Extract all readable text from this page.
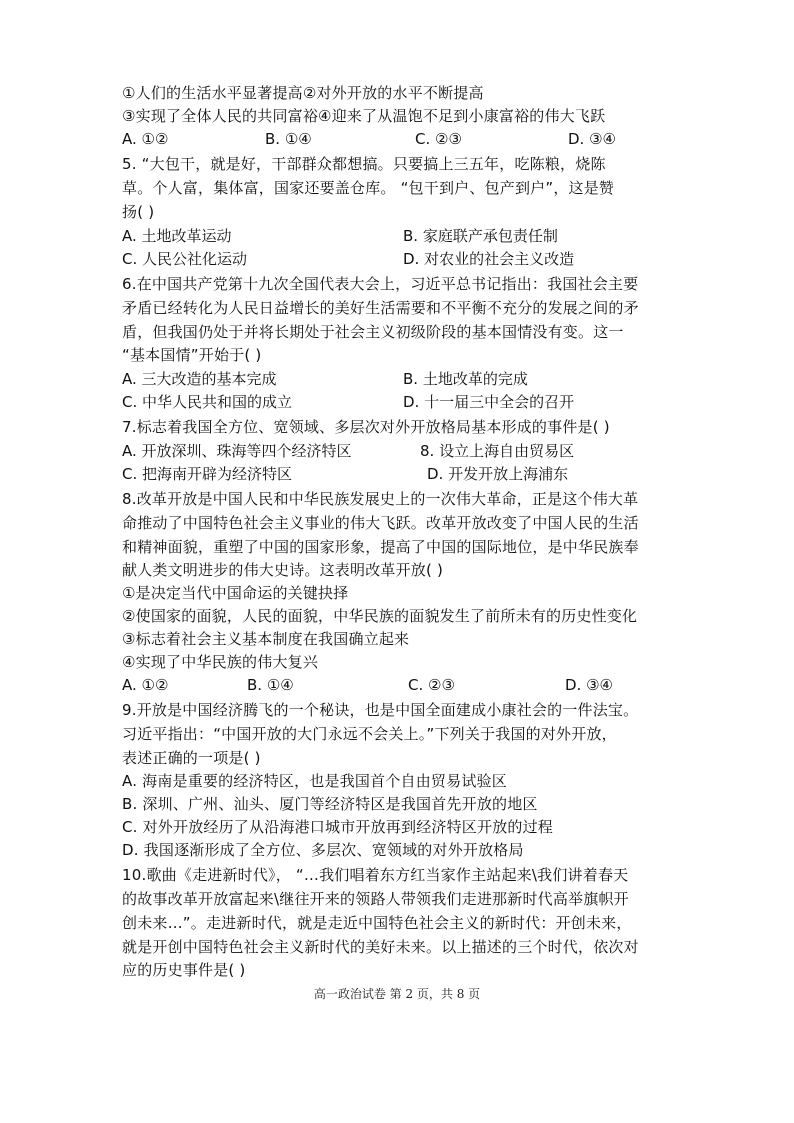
①人们的生活水平显著提高②对外开放的水平不断提高
③实现了全体人民的共同富裕④迎来了从温饱不足到小康富裕的伟大飞跃
A. ①②	B. ①④	C. ②③	D. ③④
5. “大包干，就是好，干部群众都想搞。只要搞上三五年，吃陈粮，烧陈
草。个人富，集体富，国家还要盖仓库。 “包干到户、包产到户”，这是赞
扬( )
A. 土地改革运动	B. 家庭联产承包责任制
C. 人民公社化运动	D. 对农业的社会主义改造
6.在中国共产党第十九次全国代表大会上，习近平总书记指出：我国社会主要
矛盾已经转化为人民日益增长的美好生活需要和不平衡不充分的发展之间的矛
盾，但我国仍处于并将长期处于社会主义初级阶段的基本国情没有变。这一
“基本国情”开始于( )
A. 三大改造的基本完成	B. 土地改革的完成
C. 中华人民共和国的成立	D. 十一届三中全会的召开
7.标志着我国全方位、宽领域、多层次对外开放格局基本形成的事件是( )
A. 开放深圳、珠海等四个经济特区	8. 设立上海自由贸易区
C. 把海南开辟为经济特区	D. 开发开放上海浦东
8.改革开放是中国人民和中华民族发展史上的一次伟大革命，正是这个伟大革
命推动了中国特色社会主义事业的伟大飞跃。改革开放改变了中国人民的生活
和精神面貌，重塑了中国的国家形象，提高了中国的国际地位，是中华民族奉
献人类文明进步的伟大史诗。这表明改革开放( )
①是决定当代中国命运的关键抉择
②使国家的面貌，人民的面貌，中华民族的面貌发生了前所未有的历史性变化
③标志着社会主义基本制度在我国确立起来
④实现了中华民族的伟大复兴
A. ①②	B. ①④	C. ②③	D. ③④
9.开放是中国经济腾飞的一个秘诀，也是中国全面建成小康社会的一件法宝。
习近平指出：“中国开放的大门永远不会关上。”下列关于我国的对外开放，
表述正确的一项是( )
A. 海南是重要的经济特区，也是我国首个自由贸易试验区
B. 深圳、广州、汕头、厦门等经济特区是我国首先开放的地区
C. 对外开放经历了从沿海港口城市开放再到经济特区开放的过程
D. 我国逐渐形成了全方位、多层次、宽领域的对外开放格局
10.歌曲《走进新时代》， “…我们唱着东方红当家作主站起来\我们讲着春天
的故事改革开放富起来\继往开来的领路人带领我们走进那新时代高举旗帜开
创未来…”。走进新时代，就是走近中国特色社会主义的新时代：开创未来，
就是开创中国特色社会主义新时代的美好未来。以上描述的三个时代，依次对
应的历史事件是( )
高一政治试卷 第 2 页，共 8 页
